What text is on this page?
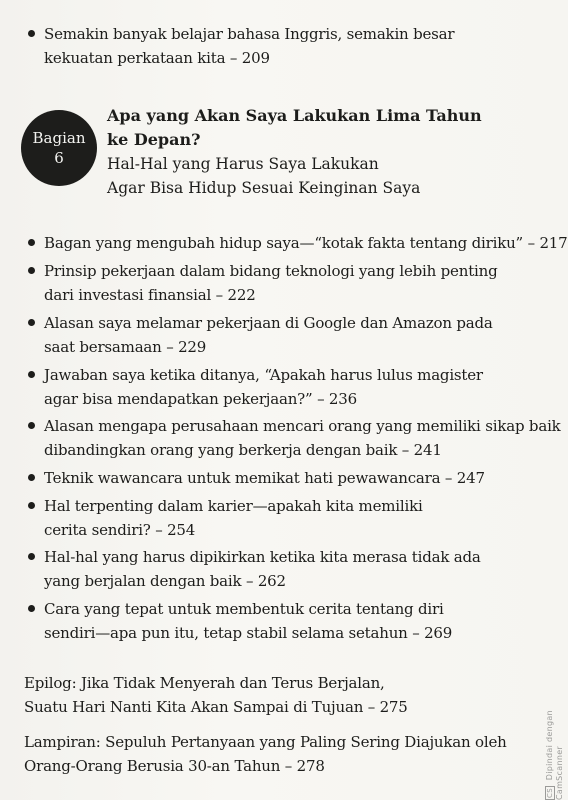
Semakin banyak belajar bahasa Inggris, semakin besar
kekuatan perkataan kita – 209
Bagian
6
Apa yang Akan Saya Lakukan Lima Tahun
ke Depan?
Hal-Hal yang Harus Saya Lakukan
Agar Bisa Hidup Sesuai Keinginan Saya
Bagan yang mengubah hidup saya—“kotak fakta tentang diriku” – 217
Prinsip pekerjaan dalam bidang teknologi yang lebih penting
dari investasi finansial – 222
Alasan saya melamar pekerjaan di Google dan Amazon pada
saat bersamaan – 229
Jawaban saya ketika ditanya, “Apakah harus lulus magister
agar bisa mendapatkan pekerjaan?” – 236
Alasan mengapa perusahaan mencari orang yang memiliki sikap baik
dibandingkan orang yang berkerja dengan baik – 241
Teknik wawancara untuk memikat hati pewawancara – 247
Hal terpenting dalam karier—apakah kita memiliki
cerita sendiri? – 254
Hal-hal yang harus dipikirkan ketika kita merasa tidak ada
yang berjalan dengan baik – 262
Cara yang tepat untuk membentuk cerita tentang diri
sendiri—apa pun itu, tetap stabil selama setahun – 269
Epilog: Jika Tidak Menyerah dan Terus Berjalan,
Suatu Hari Nanti Kita Akan Sampai di Tujuan – 275
Lampiran: Sepuluh Pertanyaan yang Paling Sering Diajukan oleh
Orang-Orang Berusia 30-an Tahun – 278
CS Dipindai dengan CamScanner
